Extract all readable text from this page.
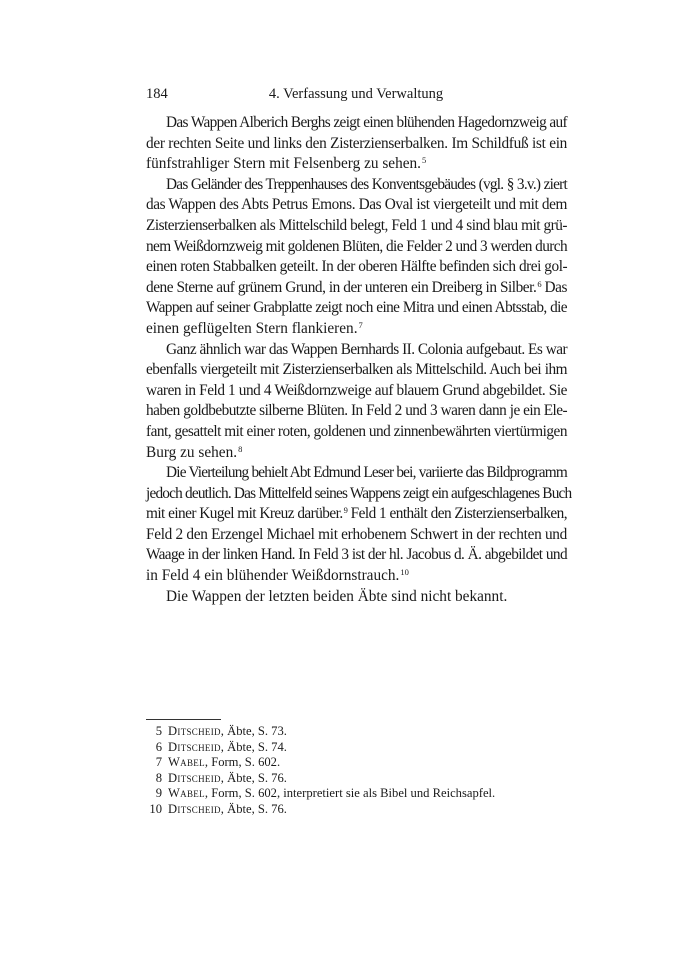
184	4. Verfassung und Verwaltung

Das Wappen Alberich Berghs zeigt einen blühenden Hagedornzweig auf
der rechten Seite und links den Zisterzienserbalken. Im Schildfuß ist ein
fünfstrahliger Stern mit Felsenberg zu sehen.$^5$

Das Geländer des Treppenhauses des Konventsgebäudes (vgl. § 3.v.) ziert
das Wappen des Abts Petrus Emons. Das Oval ist viergeteilt und mit dem
Zisterzienserbalken als Mittelschild belegt, Feld 1 und 4 sind blau mit grü-
nem Weißdornzweig mit goldenen Blüten, die Felder 2 und 3 werden durch
einen roten Stabbalken geteilt. In der oberen Hälfte befinden sich drei gol-
dene Sterne auf grünem Grund, in der unteren ein Dreiberg in Silber.$^6$ Das
Wappen auf seiner Grabplatte zeigt noch eine Mitra und einen Abtsstab, die
einen geflügelten Stern flankieren.$^7$

Ganz ähnlich war das Wappen Bernhards II. Colonia aufgebaut. Es war
ebenfalls viergeteilt mit Zisterzienserbalken als Mittelschild. Auch bei ihm
waren in Feld 1 und 4 Weißdornzweige auf blauem Grund abgebildet. Sie
haben goldbebutzte silberne Blüten. In Feld 2 und 3 waren dann je ein Ele-
fant, gesattelt mit einer roten, goldenen und zinnenbewährten viertürmigen
Burg zu sehen.$^8$

Die Vierteilung behielt Abt Edmund Leser bei, variierte das Bildprogramm
jedoch deutlich. Das Mittelfeld seines Wappens zeigt ein aufgeschlagenes Buch
mit einer Kugel mit Kreuz darüber.$^9$ Feld 1 enthält den Zisterzienserbalken,
Feld 2 den Erzengel Michael mit erhobenem Schwert in der rechten und
Waage in der linken Hand. In Feld 3 ist der hl. Jacobus d. Ä. abgebildet und
in Feld 4 ein blühender Weißdornstrauch.$^{10}$

Die Wappen der letzten beiden Äbte sind nicht bekannt.

5 Ditscheid, Äbte, S. 73.
6 Ditscheid, Äbte, S. 74.
7 Wabel, Form, S. 602.
8 Ditscheid, Äbte, S. 76.
9 Wabel, Form, S. 602, interpretiert sie als Bibel und Reichsapfel.
10 Ditscheid, Äbte, S. 76.
